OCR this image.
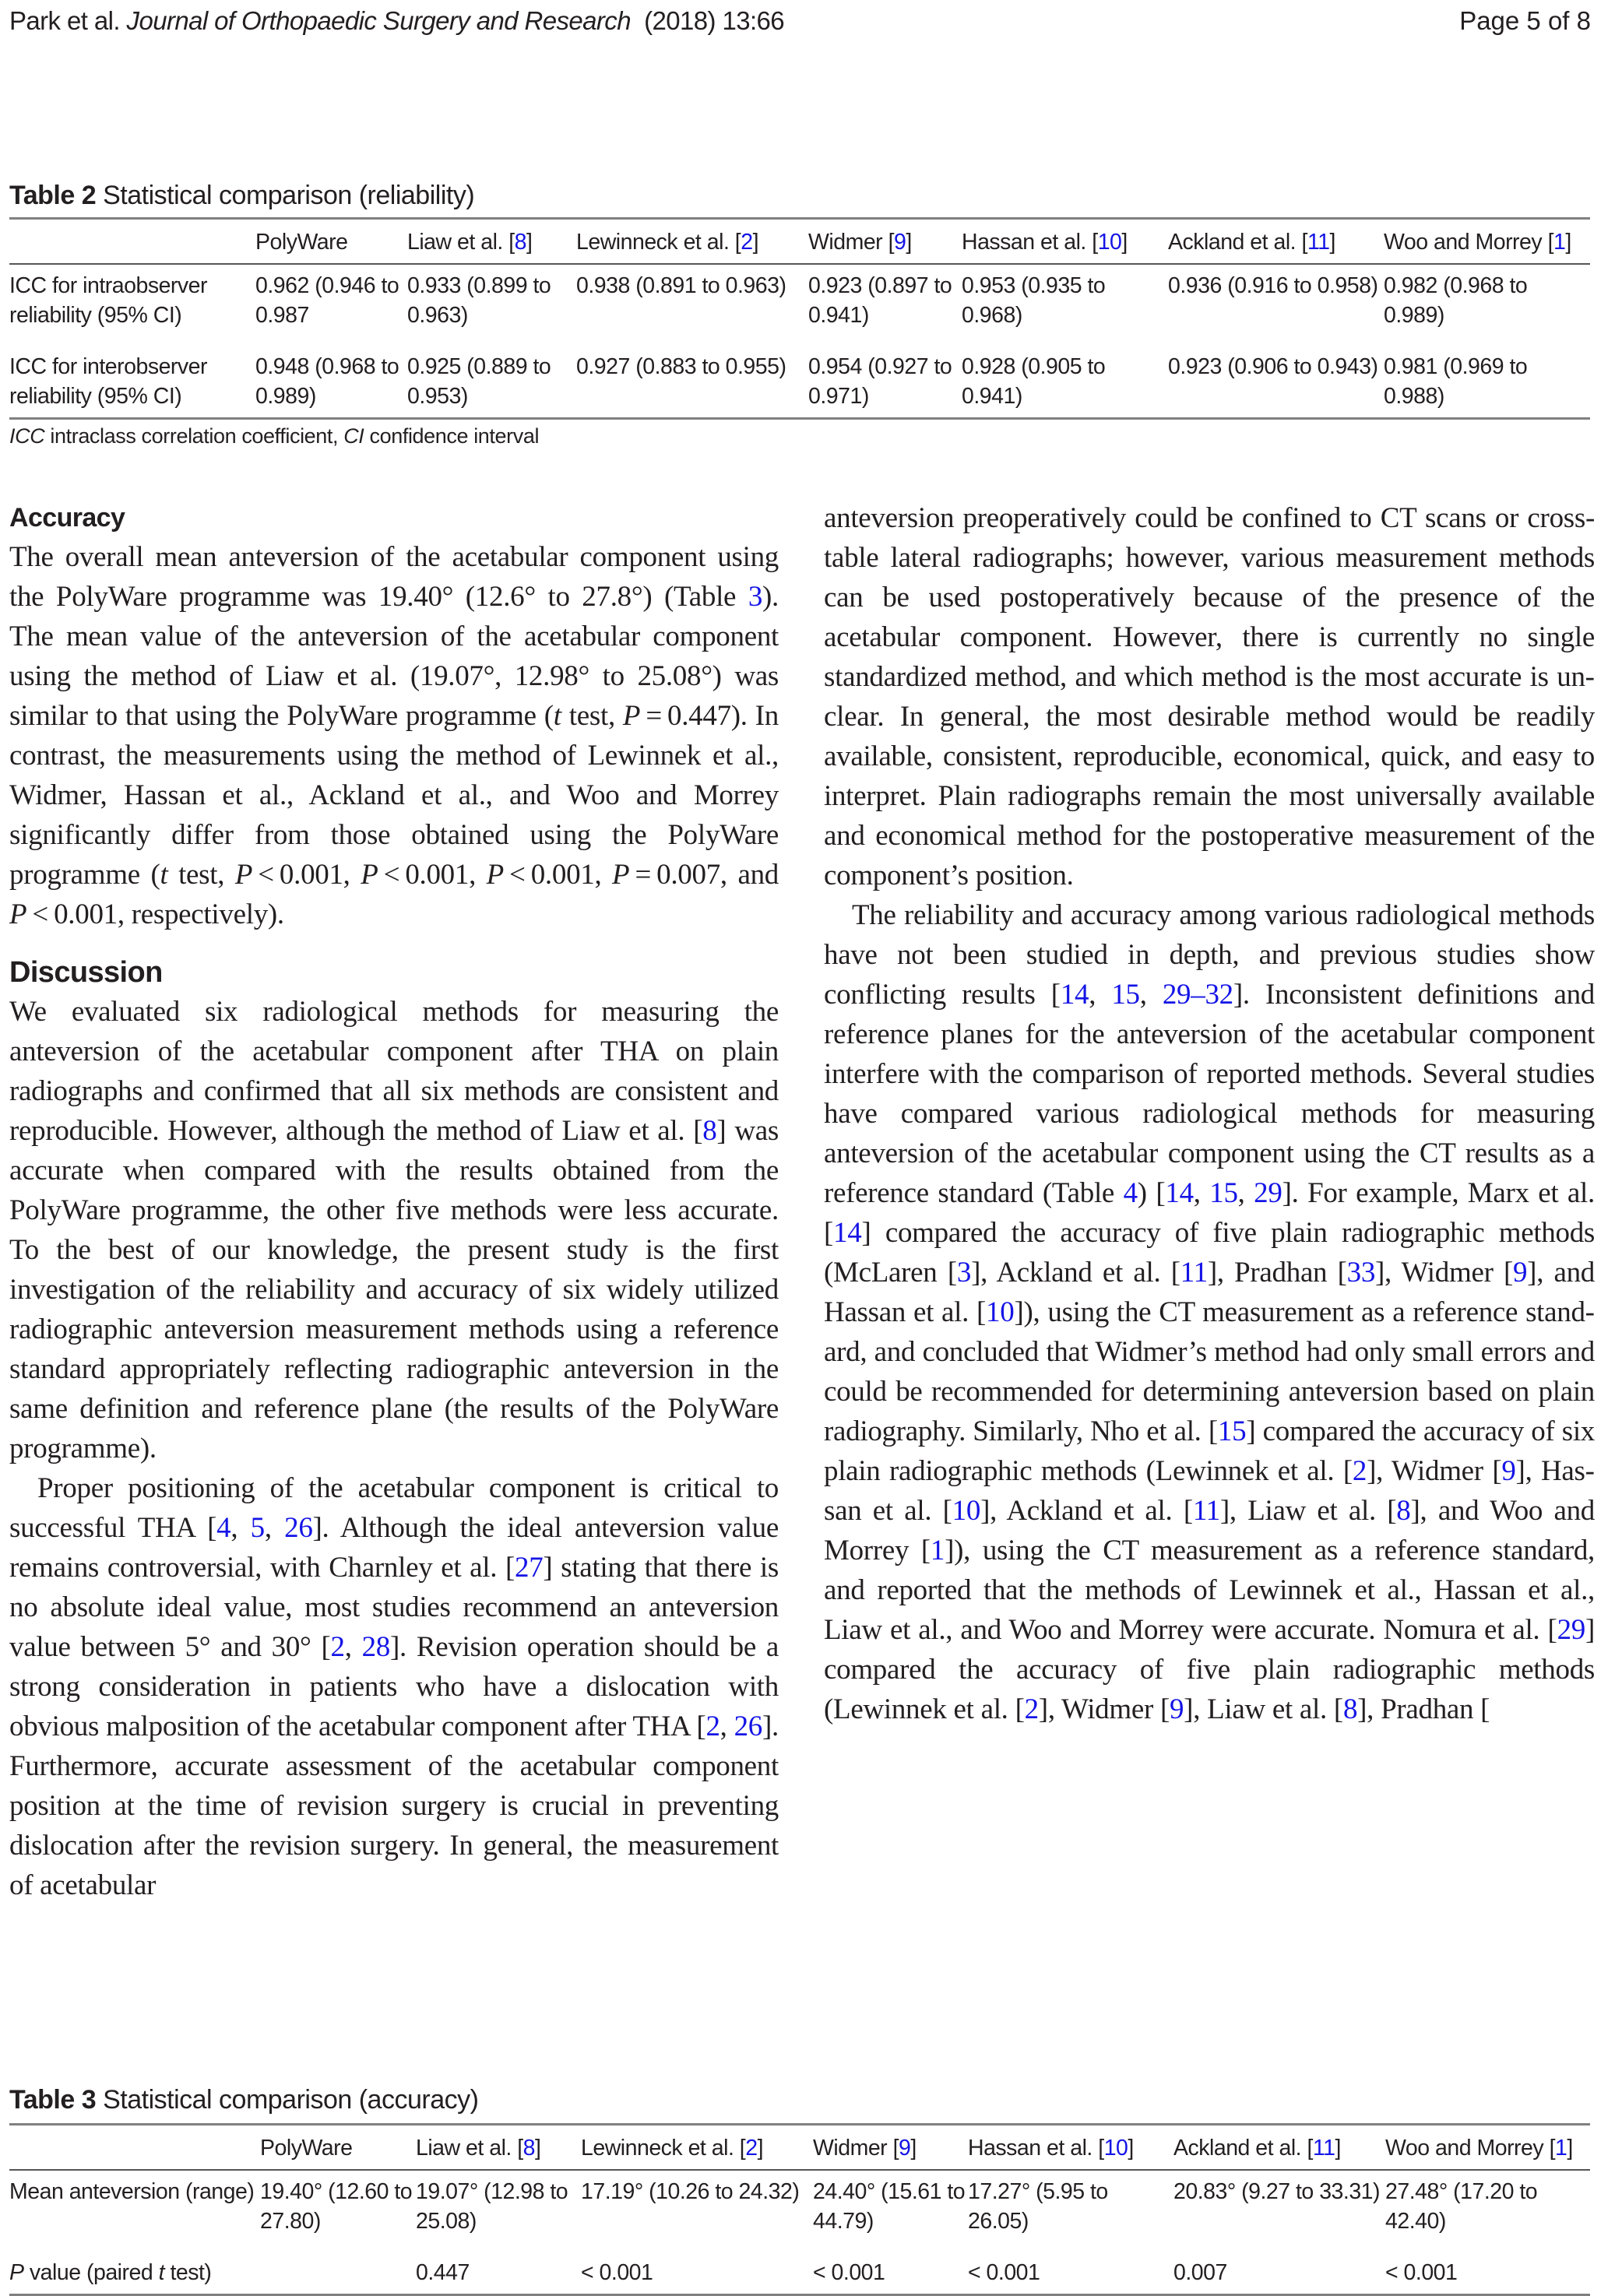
Park et al. Journal of Orthopaedic Surgery and Research (2018) 13:66	Page 5 of 8
Table 2 Statistical comparison (reliability)
	PolyWare	Liaw et al. [8]	Lewinneck et al. [2]	Widmer [9]	Hassan et al. [10]	Ackland et al. [11]	Woo and Morrey [1]
ICC for intraobserver reliability (95% CI)	0.962 (0.946 to 0.987	0.933 (0.899 to 0.963)	0.938 (0.891 to 0.963)	0.923 (0.897 to 0.941)	0.953 (0.935 to 0.968)	0.936 (0.916 to 0.958)	0.982 (0.968 to 0.989)
ICC for interobserver reliability (95% CI)	0.948 (0.968 to 0.989)	0.925 (0.889 to 0.953)	0.927 (0.883 to 0.955)	0.954 (0.927 to 0.971)	0.928 (0.905 to 0.941)	0.923 (0.906 to 0.943)	0.981 (0.969 to 0.988)
ICC intraclass correlation coefficient, CI confidence interval
Accuracy

The overall mean anteversion of the acetabular component using the PolyWare programme was 19.40° (12.6° to 27.8°) (Table 3). The mean value of the anteversion of the acetabular component using the method of Liaw et al. (19.07°, 12.98° to 25.08°) was similar to that using the PolyWare programme (t test, P = 0.447). In contrast, the measurements using the method of Lewinnek et al., Widmer, Hassan et al., Ackland et al., and Woo and Morrey significantly differ from those obtained using the PolyWare programme (t test, P < 0.001, P < 0.001, P < 0.​001, P = 0.007, and P < 0.001, respectively).

Discussion

We evaluated six radiological methods for measuring the anteversion of the acetabular component after THA on plain radiographs and confirmed that all six methods are consistent and reproducible. However, although the method of Liaw et al. [8] was accurate when compared with the results obtained from the PolyWare programme, the other five methods were less accurate. To the best of our knowledge, the present study is the first investigation of the reliability and accuracy of six widely utilized radiographic anteversion measurement methods using a reference standard appropriately reflecting radiographic anteversion in the same definition and reference plane (the results of the PolyWare programme).

Proper positioning of the acetabular component is critical to successful THA [4, 5, 26]. Although the ideal anteversion value remains controversial, with Charnley et al. [27] stating that there is no absolute ideal value, most studies recommend an anteversion value between 5° and 30° [2, 28]. Revision operation should be a strong consideration in patients who have a dislocation with obvious malposition of the acetabular component after THA [2, 26]. Furthermore, accurate assessment of the acetabular component position at the time of revision surgery is crucial in preventing dislocation after the revision surgery. In general, the measurement of acetabular

anteversion preoperatively could be confined to CT scans or cross-table lateral radiographs; however, various measurement methods can be used postoperatively because of the presence of the acetabular component. However, there is currently no single standardized method, and which method is the most accurate is unclear. In general, the most desirable method would be readily available, consistent, reproducible, economical, quick, and easy to interpret. Plain radiographs remain the most universally available and economical method for the postoperative measurement of the component’s position.

The reliability and accuracy among various radiological methods have not been studied in depth, and previous studies show conflicting results [14, 15, 29–32]. Inconsistent definitions and reference planes for the anteversion of the acetabular component interfere with the comparison of reported methods. Several studies have compared various radiological methods for measuring anteversion of the acetabular component using the CT results as a reference standard (Table 4) [14, 15, 29]. For example, Marx et al. [14] compared the accuracy of five plain radiographic methods (McLaren [3], Ackland et al. [11], Pradhan [33], Widmer [9], and Hassan et al. [10]), using the CT measurement as a reference standard, and concluded that Widmer’s method had only small errors and could be recommended for determining anteversion based on plain radiography. Similarly, Nho et al. [15] compared the accuracy of six plain radiographic methods (Lewinnek et al. [2], Widmer [9], Hassan et al. [10], Ackland et al. [11], Liaw et al. [8], and Woo and Morrey [1]), using the CT measurement as a reference standard, and reported that the methods of Lewinnek et al., Hassan et al., Liaw et al., and Woo and Morrey were accurate. Nomura et al. [29] compared the accuracy of five plain radiographic methods (Lewinnek et al. [2], Widmer [9], Liaw et al. [8], Pradhan [

Table 3 Statistical comparison (accuracy)
	PolyWare	Liaw et al. [8]	Lewinneck et al. [2]	Widmer [9]	Hassan et al. [10]	Ackland et al. [11]	Woo and Morrey [1]
Mean anteversion (range)	19.40° (12.60 to 27.80)	19.07° (12.98 to 25.08)	17.19° (10.26 to 24.32)	24.40° (15.61 to 44.79)	17.27° (5.95 to 26.05)	20.83° (9.27 to 33.31)	27.48° (17.20 to 42.40)
P value (paired t test)		0.447	< 0.001	< 0.001	< 0.001	0.007	< 0.001
